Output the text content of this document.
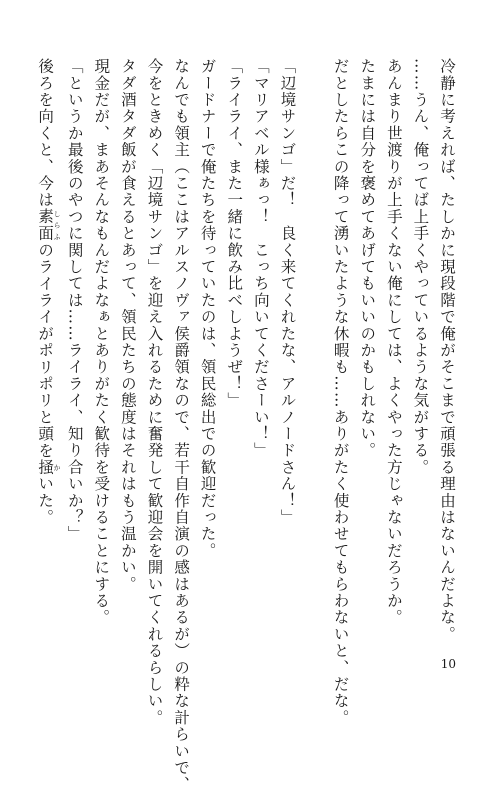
冷静に考えれば、たしかに現段階で俺がそこまで頑張る理由はないんだよな。
……うん、俺ってば上手くやっているような気がする。
あんまり世渡りが上手くない俺にしては、よくやった方じゃないだろうか。
たまには自分を褒めてあげてもいいのかもしれない。
だとしたらこの降って湧いたような休暇も……ありがたく使わせてもらわないと、だな。
「辺境サンゴ」だ！　良く来てくれたな、アルノードさん！」
「マリアベル様ぁっ！　こっち向いてくださーい！」
「ライライ、また一緒に飲み比べしようぜ！」
ガードナーで俺たちを待っていたのは、領民総出での歓迎だった。
なんでも領主（ここはアルスノヴァ侯爵領なので、若干自作自演の感はあるが）の粋な計らいで、
今をときめく「辺境サンゴ」を迎え入れるために奮発して歓迎会を開いてくれるらしい。
タダ酒タダ飯が食えるとあって、領民たちの態度はそれはもう温かい。
現金だが、まあそんなもんだよなぁとありがたく歓待を受けることにする。
「というか最後のやつに関しては……ライライ、知り合いか？」
後ろを向くと、今は素面 しらふのライライがポリポリと頭を掻 かいた。
10
